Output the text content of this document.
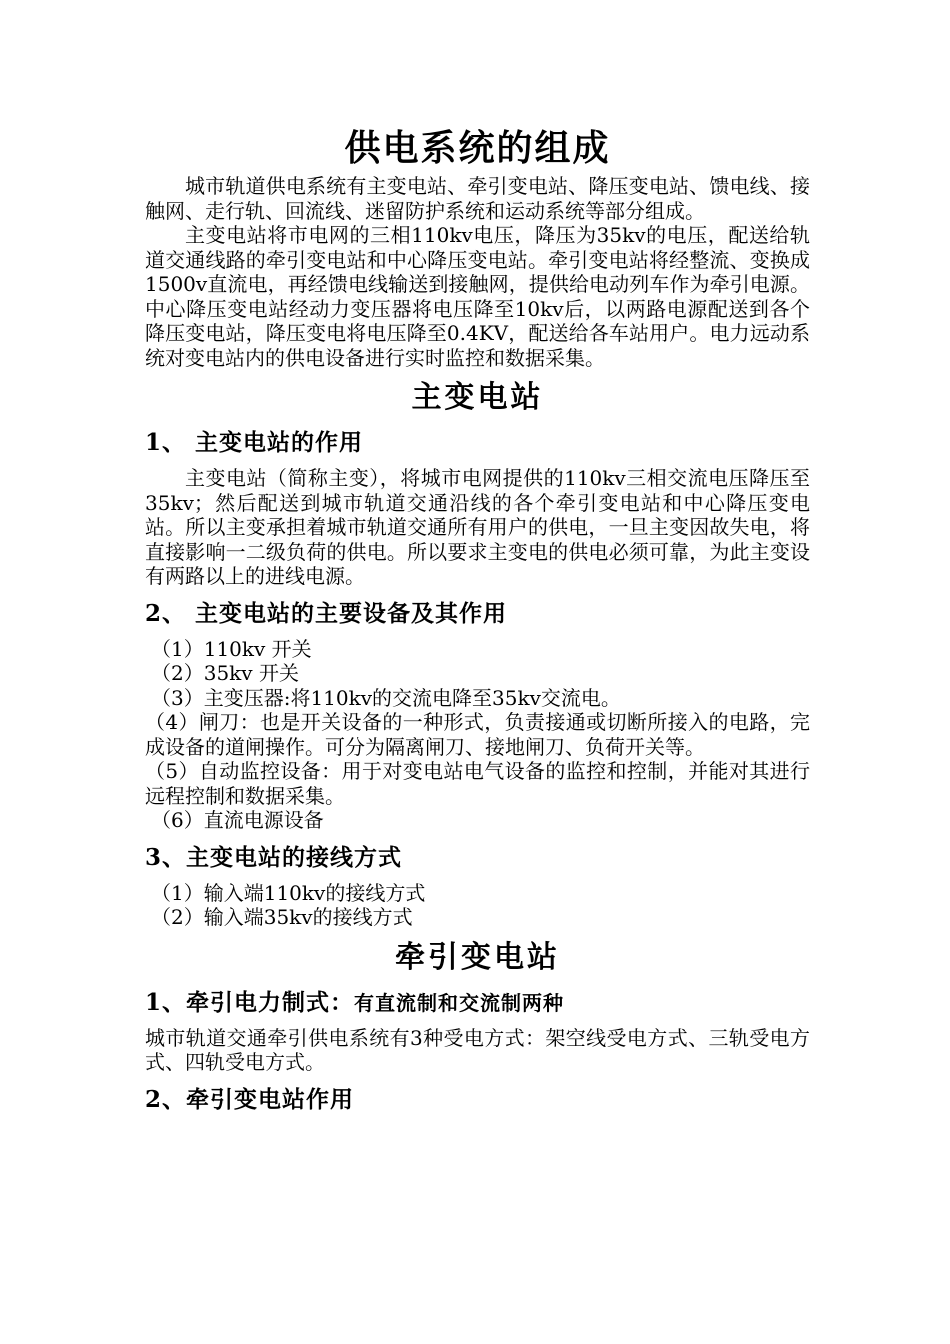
供电系统的组成

城市轨道供电系统有主变电站、牵引变电站、降压变电站、馈电线、接触网、走行轨、回流线、迷留防护系统和运动系统等部分组成。

主变电站将市电网的三相110kv电压，降压为35kv的电压，配送给轨道交通线路的牵引变电站和中心降压变电站。牵引变电站将经整流、变换成1500v直流电，再经馈电线输送到接触网，提供给电动列车作为牵引电源。中心降压变电站经动力变压器将电压降至10kv后，以两路电源配送到各个降压变电站，降压变电将电压降至0.4KV，配送给各车站用户。电力远动系统对变电站内的供电设备进行实时监控和数据采集。

主变电站
1、 主变电站的作用

主变电站（简称主变），将城市电网提供的110kv三相交流电压降压至35kv；然后配送到城市轨道交通沿线的各个牵引变电站和中心降压变电站。所以主变承担着城市轨道交通所有用户的供电，一旦主变因故失电，将直接影响一二级负荷的供电。所以要求主变电的供电必须可靠，为此主变设有两路以上的进线电源。

2、 主变电站的主要设备及其作用

（1）110kv 开关

（2）35kv 开关

（3）主变压器:将110kv的交流电降至35kv交流电。

（4）闸刀：也是开关设备的一种形式，负责接通或切断所接入的电路，完成设备的道闸操作。可分为隔离闸刀、接地闸刀、负荷开关等。

（5）自动监控设备：用于对变电站电气设备的监控和控制，并能对其进行远程控制和数据采集。

（6）直流电源设备

3、主变电站的接线方式

（1）输入端110kv的接线方式

（2）输入端35kv的接线方式

牵引变电站
1、牵引电力制式：有直流制和交流制两种

城市轨道交通牵引供电系统有3种受电方式：架空线受电方式、三轨受电方式、四轨受电方式。

2、牵引变电站作用
